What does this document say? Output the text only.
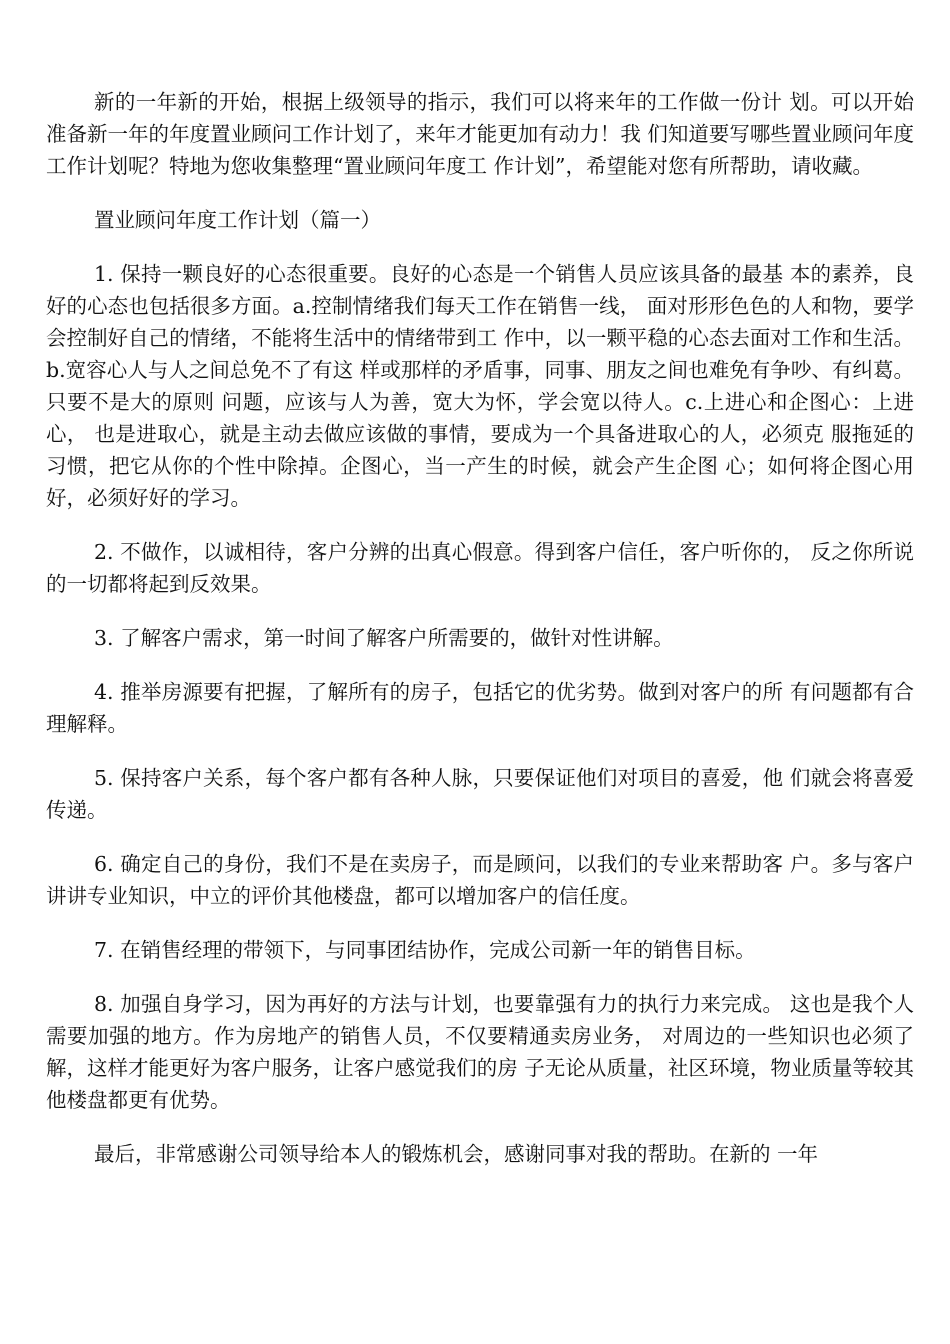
新的一年新的开始，根据上级领导的指示，我们可以将来年的工作做一份计 划。可以开始准备新一年的年度置业顾问工作计划了，来年才能更加有动力！我 们知道要写哪些置业顾问年度工作计划呢？特地为您收集整理“置业顾问年度工 作计划”，希望能对您有所帮助，请收藏。

置业顾问年度工作计划（篇一）

1. 保持一颗良好的心态很重要。良好的心态是一个销售人员应该具备的最基 本的素养，良好的心态也包括很多方面。a.控制情绪我们每天工作在销售一线， 面对形形色色的人和物，要学会控制好自己的情绪，不能将生活中的情绪带到工 作中，以一颗平稳的心态去面对工作和生活。b.宽容心人与人之间总免不了有这 样或那样的矛盾事，同事、朋友之间也难免有争吵、有纠葛。只要不是大的原则 问题，应该与人为善，宽大为怀，学会宽以待人。c.上进心和企图心：上进心， 也是进取心，就是主动去做应该做的事情，要成为一个具备进取心的人，必须克 服拖延的习惯，把它从你的个性中除掉。企图心，当一产生的时候，就会产生企图 心；如何将企图心用好，必须好好的学习。

2. 不做作，以诚相待，客户分辨的出真心假意。得到客户信任，客户听你的， 反之你所说的一切都将起到反效果。

3. 了解客户需求，第一时间了解客户所需要的，做针对性讲解。

4. 推举房源要有把握，了解所有的房子，包括它的优劣势。做到对客户的所 有问题都有合理解释。

5. 保持客户关系，每个客户都有各种人脉，只要保证他们对项目的喜爱，他 们就会将喜爱传递。

6. 确定自己的身份，我们不是在卖房子，而是顾问，以我们的专业来帮助客 户。多与客户讲讲专业知识，中立的评价其他楼盘，都可以增加客户的信任度。

7. 在销售经理的带领下，与同事团结协作，完成公司新一年的销售目标。

8. 加强自身学习，因为再好的方法与计划，也要靠强有力的执行力来完成。 这也是我个人需要加强的地方。作为房地产的销售人员，不仅要精通卖房业务， 对周边的一些知识也必须了解，这样才能更好为客户服务，让客户感觉我们的房 子无论从质量，社区环境，物业质量等较其他楼盘都更有优势。

最后，非常感谢公司领导给本人的锻炼机会，感谢同事对我的帮助。在新的 一年
